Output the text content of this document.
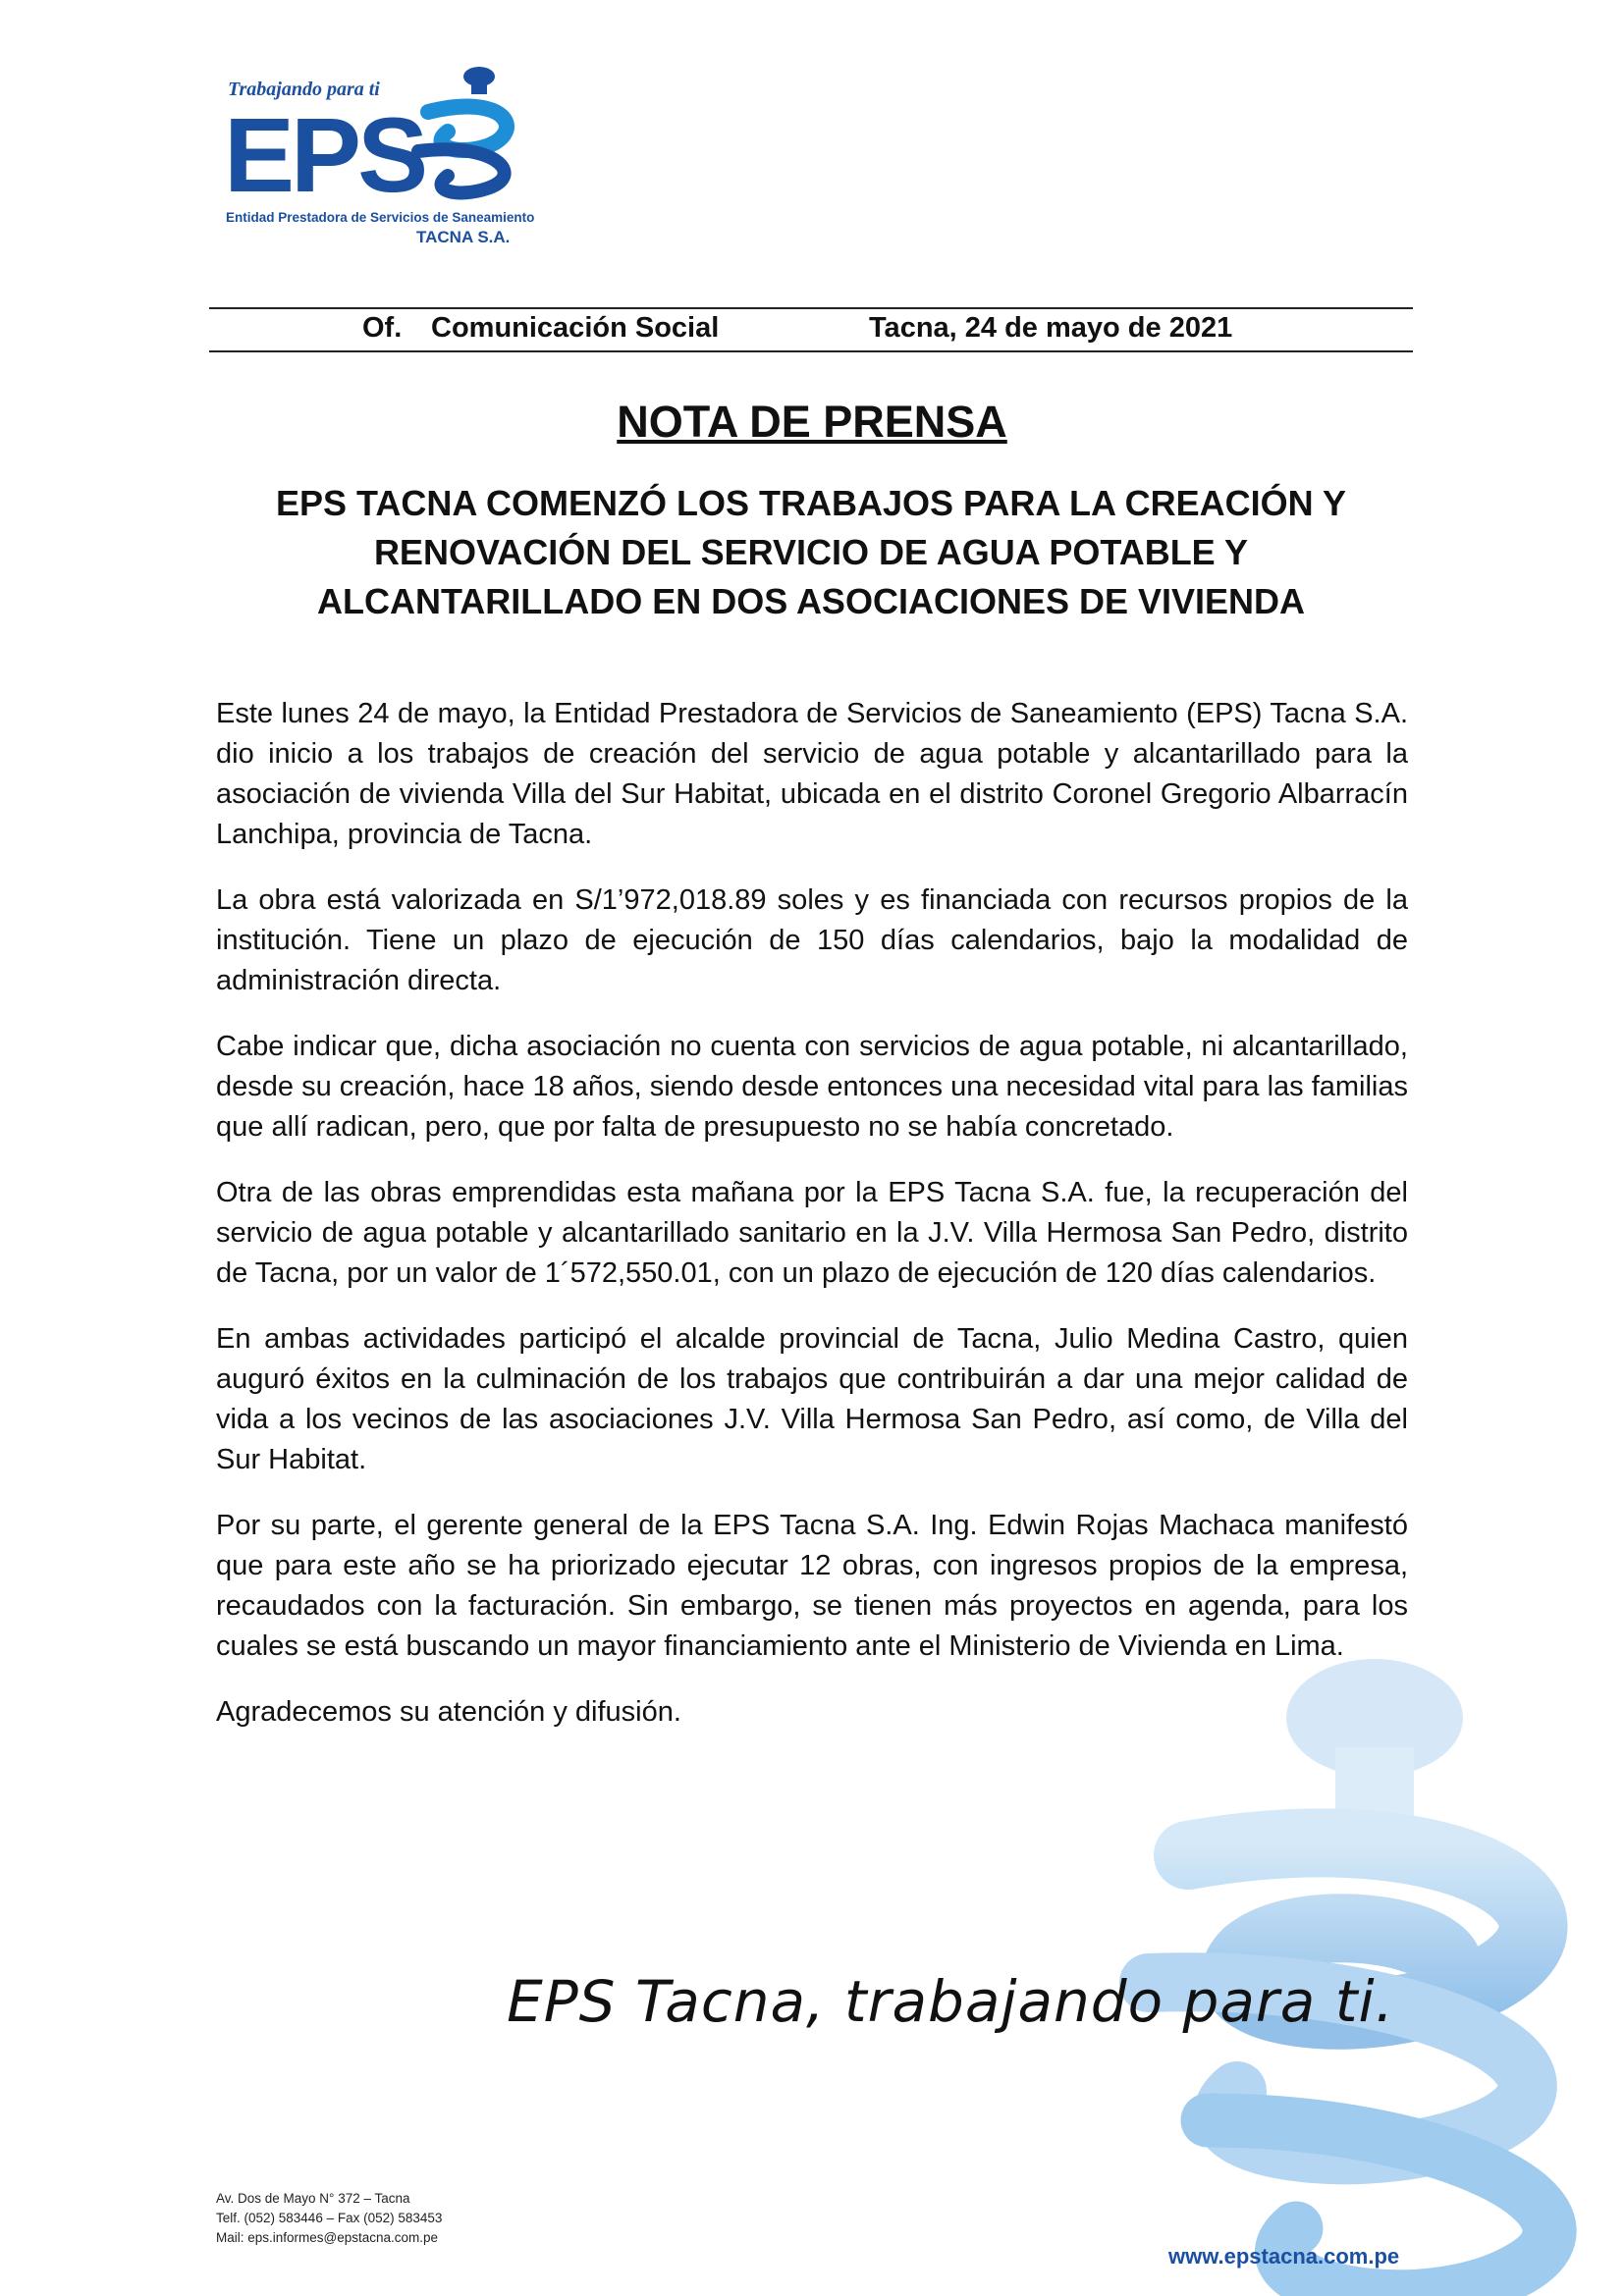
Trabajando para ti
EPS
Entidad Prestadora de Servicios de Saneamiento
TACNA S.A.
Of. Comunicación Social	Tacna, 24 de mayo de 2021
NOTA DE PRENSA
EPS TACNA COMENZÓ LOS TRABAJOS PARA LA CREACIÓN Y RENOVACIÓN DEL SERVICIO DE AGUA POTABLE Y ALCANTARILLADO EN DOS ASOCIACIONES DE VIVIENDA

Este lunes 24 de mayo, la Entidad Prestadora de Servicios de Saneamiento (EPS) Tacna S.A. dio inicio a los trabajos de creación del servicio de agua potable y alcantarillado para la asociación de vivienda Villa del Sur Habitat, ubicada en el distrito Coronel Gregorio Albarracín Lanchipa, provincia de Tacna.

La obra está valorizada en S/1’972,018.89 soles y es financiada con recursos propios de la institución. Tiene un plazo de ejecución de 150 días calendarios, bajo la modalidad de administración directa.

Cabe indicar que, dicha asociación no cuenta con servicios de agua potable, ni alcantarillado, desde su creación, hace 18 años, siendo desde entonces una necesidad vital para las familias que allí radican, pero, que por falta de presupuesto no se había concretado.

Otra de las obras emprendidas esta mañana por la EPS Tacna S.A. fue, la recuperación del servicio de agua potable y alcantarillado sanitario en la J.V. Villa Hermosa San Pedro, distrito de Tacna, por un valor de 1´572,550.01, con un plazo de ejecución de 120 días calendarios.

En ambas actividades participó el alcalde provincial de Tacna, Julio Medina Castro, quien auguró éxitos en la culminación de los trabajos que contribuirán a dar una mejor calidad de vida a los vecinos de las asociaciones J.V. Villa Hermosa San Pedro, así como, de Villa del Sur Habitat.

Por su parte, el gerente general de la EPS Tacna S.A. Ing. Edwin Rojas Machaca manifestó que para este año se ha priorizado ejecutar 12 obras, con ingresos propios de la empresa, recaudados con la facturación. Sin embargo, se tienen más proyectos en agenda, para los cuales se está buscando un mayor financiamiento ante el Ministerio de Vivienda en Lima.

Agradecemos su atención y difusión.

EPS Tacna, trabajando para ti.
Av. Dos de Mayo N° 372 – Tacna
Telf. (052) 583446 – Fax (052) 583453
Mail: eps.informes@epstacna.com.pe
www.epstacna.com.pe
